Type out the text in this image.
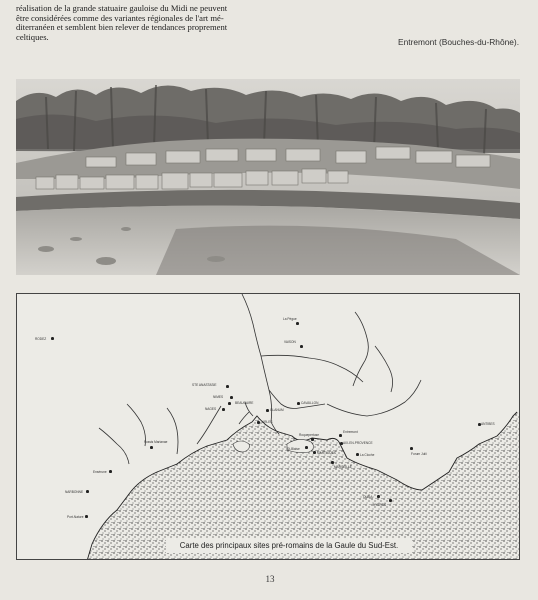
réalisation de la grande statuaire gauloise du Midi ne peuvent
être considérées comme des variantes régionales de l'art mé-
diterranéen et semblent bien relever de tendances proprement
celtiques.
Entremont (Bouches-du-Rhône).
RODEZ
La Pègue
VAISON
STE ANASTASIE
BEAUCAIRE
NIMES
NAGES	GLANUM
CAVAILLON
ARLES
Roquepertuse
Entremont
AIX-EN-PROVENCE
St-Blaise
MARTIGUES	La Cloche
MARSEILLE
Forum Julii
ANTIBES
Fossis Marianae
Ensérune
NARBONNE
Port-Nature
OLBIA
HYERES
Carte des principaux sites pré-romains de la Gaule du Sud-Est.
13
